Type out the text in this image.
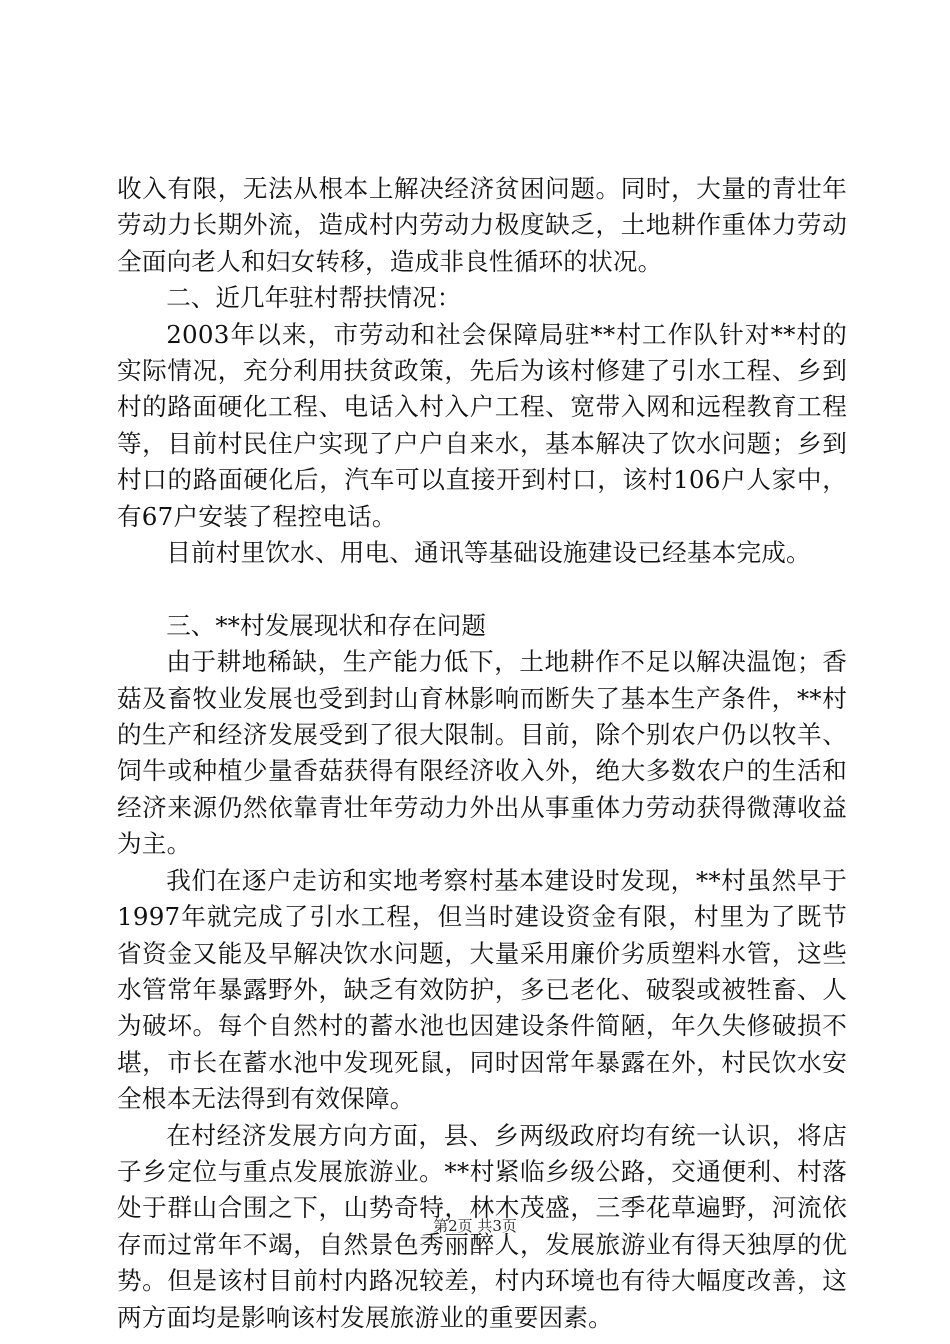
收入有限，无法从根本上解决经济贫困问题。同时，大量的青壮年劳动力长期外流，造成村内劳动力极度缺乏，土地耕作重体力劳动全面向老人和妇女转移，造成非良性循环的状况。

二、近几年驻村帮扶情况：

2003年以来，市劳动和社会保障局驻**村工作队针对**村的实际情况，充分利用扶贫政策，先后为该村修建了引水工程、乡到村的路面硬化工程、电话入村入户工程、宽带入网和远程教育工程等，目前村民住户实现了户户自来水，基本解决了饮水问题；乡到村口的路面硬化后，汽车可以直接开到村口，该村106户人家中，有67户安装了程控电话。

目前村里饮水、用电、通讯等基础设施建设已经基本完成。

三、**村发展现状和存在问题

由于耕地稀缺，生产能力低下，土地耕作不足以解决温饱；香菇及畜牧业发展也受到封山育林影响而断失了基本生产条件，**村的生产和经济发展受到了很大限制。目前，除个别农户仍以牧羊、饲牛或种植少量香菇获得有限经济收入外，绝大多数农户的生活和经济来源仍然依靠青壮年劳动力外出从事重体力劳动获得微薄收益为主。

我们在逐户走访和实地考察村基本建设时发现，**村虽然早于1997年就完成了引水工程，但当时建设资金有限，村里为了既节省资金又能及早解决饮水问题，大量采用廉价劣质塑料水管，这些水管常年暴露野外，缺乏有效防护，多已老化、破裂或被牲畜、人为破坏。每个自然村的蓄水池也因建设条件简陋，年久失修破损不堪，市长在蓄水池中发现死鼠，同时因常年暴露在外，村民饮水安全根本无法得到有效保障。

在村经济发展方向方面，县、乡两级政府均有统一认识，将店子乡定位与重点发展旅游业。**村紧临乡级公路，交通便利、村落处于群山合围之下，山势奇特，林木茂盛，三季花草遍野，河流依存而过常年不竭，自然景色秀丽醉人，发展旅游业有得天独厚的优势。但是该村目前村内路况较差，村内环境也有待大幅度改善，这两方面均是影响该村发展旅游业的重要因素。

第2页 共3页
